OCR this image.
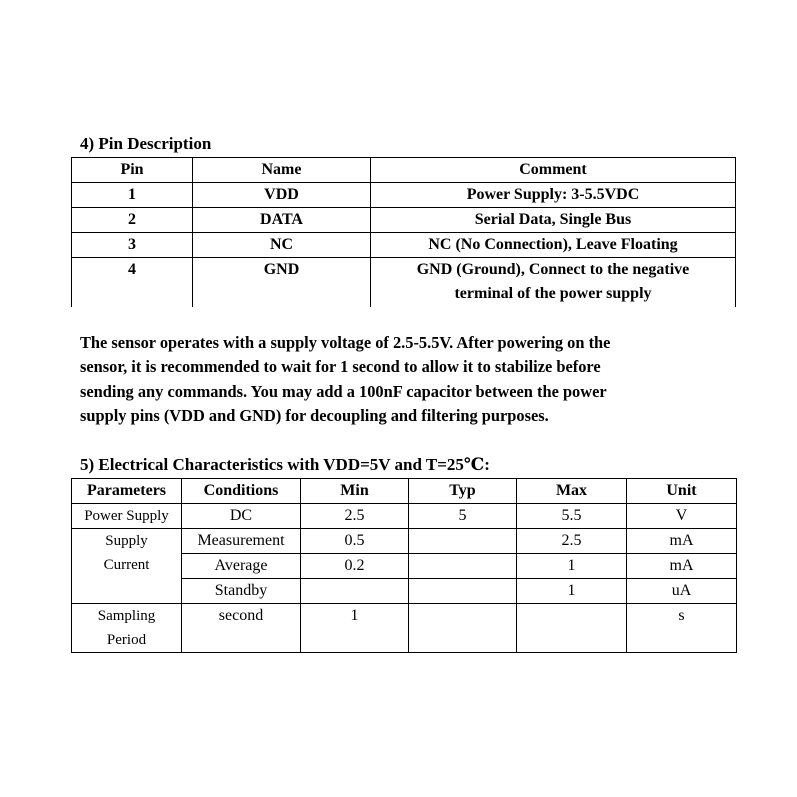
4) Pin Description
Pin	Name	Comment
1	VDD	Power Supply: 3-5.5VDC
2	DATA	Serial Data, Single Bus
3	NC	NC (No Connection), Leave Floating
4	GND	GND (Ground), Connect to the negative
terminal of the power supply
The sensor operates with a supply voltage of 2.5-5.5V. After powering on the
sensor, it is recommended to wait for 1 second to allow it to stabilize before
sending any commands. You may add a 100nF capacitor between the power
supply pins (VDD and GND) for decoupling and filtering purposes.
5) Electrical Characteristics with VDD=5V and T=25℃:
Parameters	Conditions	Min	Typ	Max	Unit
Power Supply	DC	2.5	5	5.5	V

Supply
Current	Measurement	0.5		2.5	mA
	Average	0.2		1	mA
	Standby			1	uA

Sampling
Period	second	1			s
